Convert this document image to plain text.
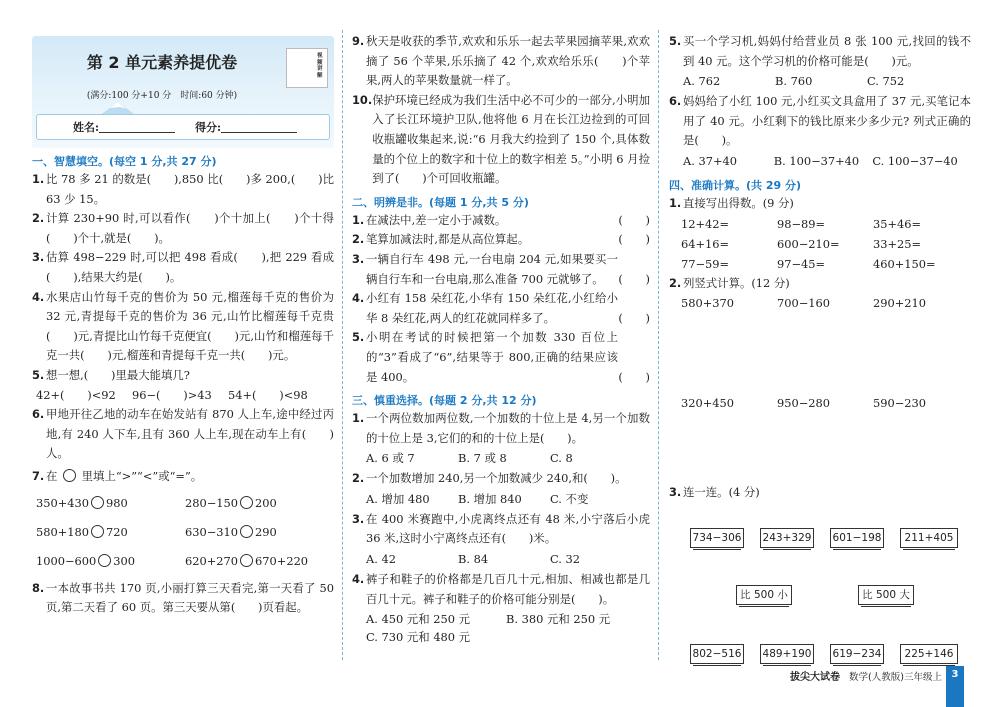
第 2 单元素养提优卷
(满分:100 分+10 分　时间:60 分钟)
视频讲解
姓名:	得分:
一、智慧填空。(每空 1 分,共 27 分)
1. 比 78 多 21 的数是(　　),850 比(　　)多 200,(　　)比 63 少 15。
2. 计算 230+90 时,可以看作(　　)个十加上(　　)个十得(　　)个十,就是(　　)。
3. 估算 498−229 时,可以把 498 看成(　　),把 229 看成(　　),结果大约是(　　)。
4. 水果店山竹每千克的售价为 50 元,榴莲每千克的售价为 32 元,青提每千克的售价为 36 元,山竹比榴莲每千克贵(　　)元,青提比山竹每千克便宜(　　)元,山竹和榴莲每千克一共(　　)元,榴莲和青提每千克一共(　　)元。
5. 想一想,(　　)里最大能填几?
42+(　　)<92	96−(　　)>43	54+(　　)<98
6. 甲地开往乙地的动车在始发站有 870 人上车,途中经过丙地,有 240 人下车,且有 360 人上车,现在动车上有(　　)人。
7. 在 里填上“>”“<”或“=”。
350+430 980	280−150 200
580+180 720	630−310 290
1000−600 300	620+270 670+220
8. 一本故事书共 170 页,小丽打算三天看完,第一天看了 50 页,第二天看了 60 页。第三天要从第(　　)页看起。
9. 秋天是收获的季节,欢欢和乐乐一起去苹果园摘苹果,欢欢摘了 56 个苹果,乐乐摘了 42 个,欢欢给乐乐(　　)个苹果,两人的苹果数量就一样了。
10. 保护环境已经成为我们生活中必不可少的一部分,小明加入了长江环境护卫队,他将他 6 月在长江边捡到的可回收瓶罐收集起来,说:“6 月我大约捡到了 150 个,具体数量的个位上的数字和十位上的数字相差 5。”小明 6 月捡到了(　　)个可回收瓶罐。
二、明辨是非。(每题 1 分,共 5 分)
1. 在减法中,差一定小于减数。	(　　)
2. 笔算加减法时,都是从高位算起。	(　　)
3. 一辆自行车 498 元,一台电扇 204 元,如果要买一辆自行车和一台电扇,那么准备 700 元就够了。	(　　)
4. 小红有 158 朵红花,小华有 150 朵红花,小红给小华 8 朵红花,两人的红花就同样多了。	(　　)
5. 小明在考试的时候把第一个加数 330 百位上的“3”看成了“6”,结果等于 800,正确的结果应该是 400。	(　　)
三、慎重选择。(每题 2 分,共 12 分)
1. 一个两位数加两位数,一个加数的十位上是 4,另一个加数的十位上是 3,它们的和的十位上是(　　)。
A. 6 或 7	B. 7 或 8	C. 8
2. 一个加数增加 240,另一个加数减少 240,和(　　)。
A. 增加 480	B. 增加 840	C. 不变
3. 在 400 米赛跑中,小虎离终点还有 48 米,小宁落后小虎 36 米,这时小宁离终点还有(　　)米。
A. 42	B. 84	C. 32
4. 裤子和鞋子的价格都是几百几十元,相加、相减也都是几百几十元。裤子和鞋子的价格可能分别是(　　)。
A. 450 元和 250 元	B. 380 元和 250 元
C. 730 元和 480 元
5. 买一个学习机,妈妈付给营业员 8 张 100 元,找回的钱不到 40 元。这个学习机的价格可能是(　　)元。
A. 762	B. 760	C. 752
6. 妈妈给了小红 100 元,小红买文具盒用了 37 元,买笔记本用了 40 元。小红剩下的钱比原来少多少元? 列式正确的是(　　)。
A. 37+40	B. 100−37+40	C. 100−37−40
四、准确计算。(共 29 分)
1. 直接写出得数。(9 分)
12+42=	98−89=	35+46=
64+16=	600−210=	33+25=
77−59=	97−45=	460+150=
2. 列竖式计算。(12 分)
580+370	700−160	290+210
320+450	950−280	590−230
3. 连一连。(4 分)
734−306 243+329 601−198	211+405
比 500 小	比 500 大
802−516 489+190 619−234	225+146
拔尖大试卷 数学(人教版)三年级上 3
